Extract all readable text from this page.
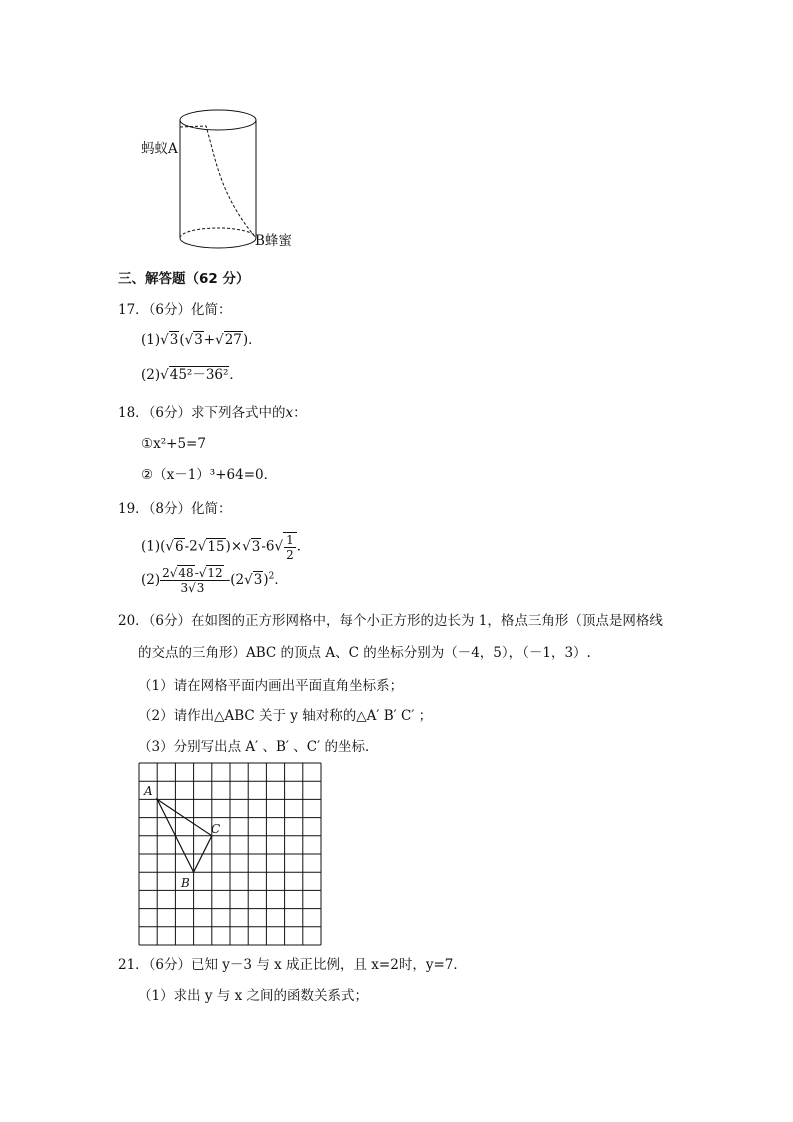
蚂蚁A
B蜂蜜
三、解答题（62 分）
17．（6分）化简：
(1)√3(√3+√27)．
(2)√45²－36²．
18．（6分）求下列各式中的x：
①x²+5=7
②（x－1）³+64=0．
19．（8分）化简：
$(1)(√6-2√15)\times√3-6√ \frac{1}{2}$ ．
$(2) \frac{2√48-√12}{3√3} -(2√3)^2$．
20．（6分）在如图的正方形网格中，每个小正方形的边长为 1，格点三角形（顶点是网格线
的交点的三角形）ABC 的顶点 A、C 的坐标分别为（－4，5），（－1，3）.
（1）请在网格平面内画出平面直角坐标系；
（2）请作出△ABC 关于 y 轴对称的△A′ B′ C′ ；
（3）分别写出点 A′ 、B′ 、C′ 的坐标．
A
B
C
21．（6分）已知 y－3 与 x 成正比例，且 x=2时，y=7．
（1）求出 y 与 x 之间的函数关系式；
